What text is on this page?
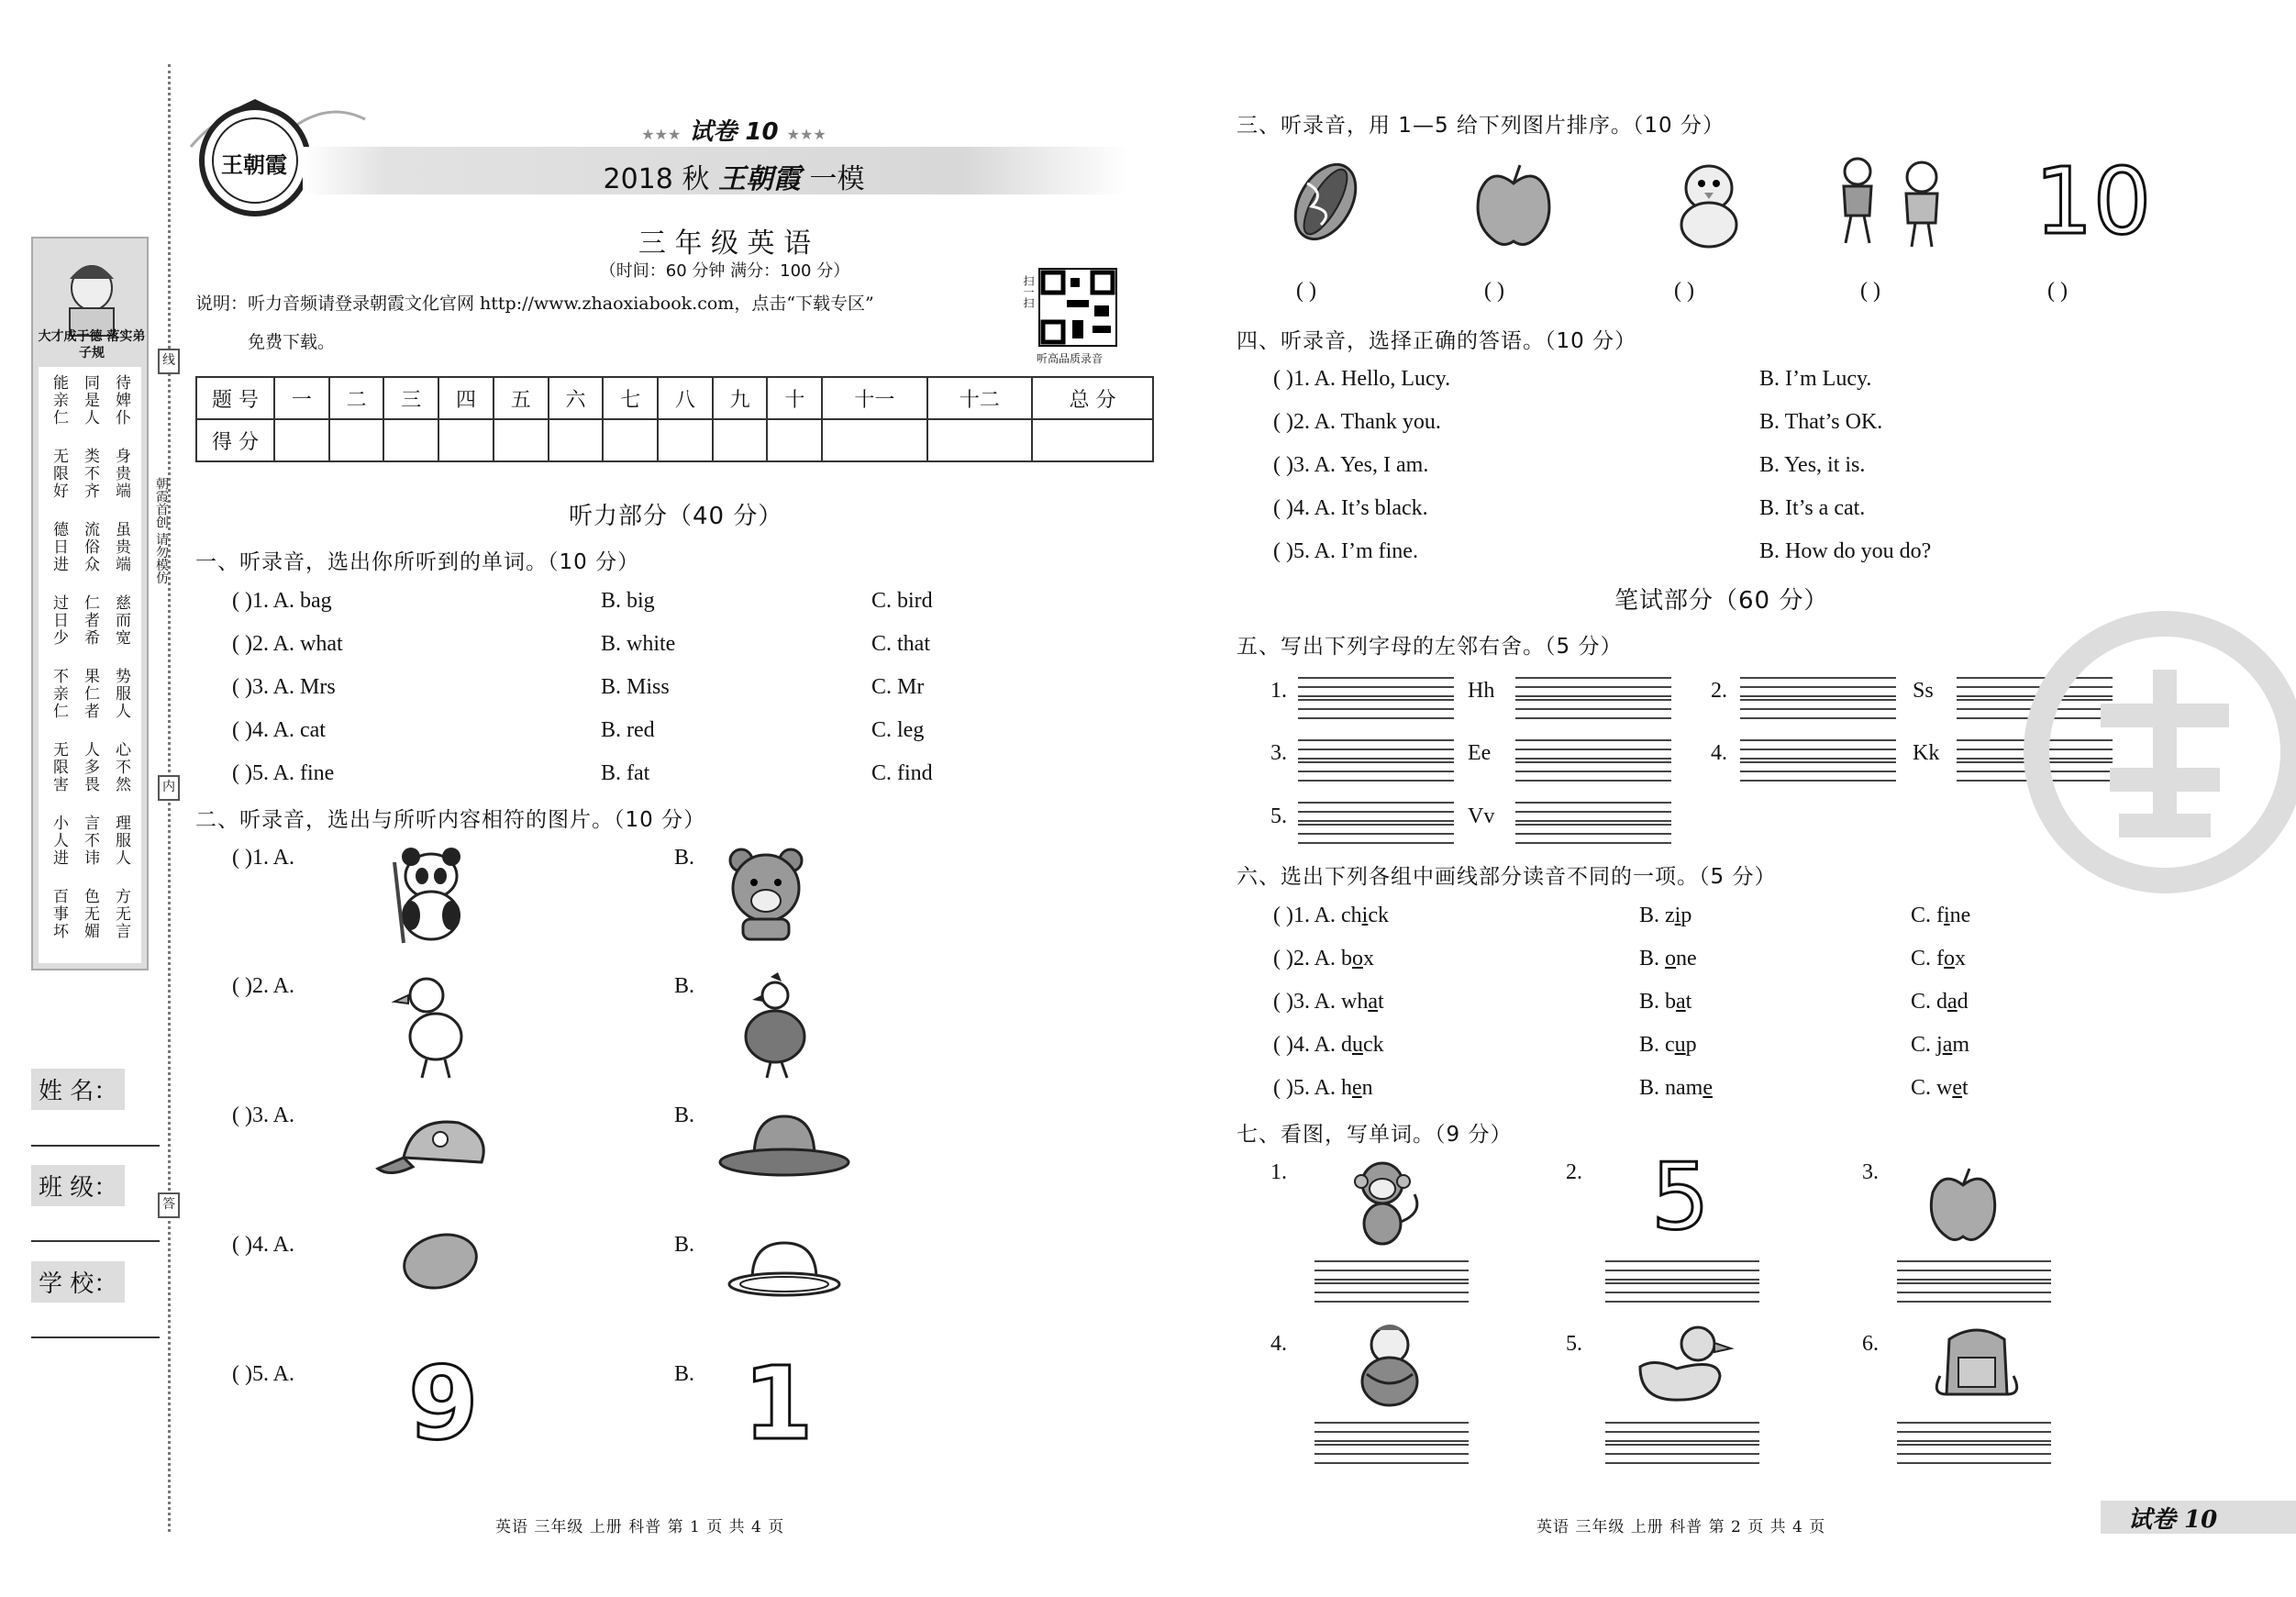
线
内
答
朝霞首创 请勿模仿
大才成于德 落实弟子规
能亲仁 同是人 待婢仆
无限好 类不齐 身贵端
德日进 流俗众 虽贵端
过日少 仁者希 慈而宽
不亲仁 果仁者 势服人
无限害 人多畏 心不然
小人进 言不讳 理服人
百事坏 色无媚 方无言
姓 名：
班 级：
学 校：
王朝霞
★★★ 试卷 10 ★★★
2018 秋 王朝霞 一模
三 年 级 英 语
（时间：60 分钟 满分：100 分）
说明：听力音频请登录朝霞文化官网 http://www.zhaoxiabook.com，点击“下载专区”
免费下载。
扫一扫
听高品质录音
题 号	一	二	三	四	五	六	七	八	九	十	十一	十二	总 分
得 分													
听力部分（40 分）
一、听录音，选出你所听到的单词。（10 分）
( )1. A. bag	B. big	C. bird
( )2. A. what	B. white	C. that
( )3. A. Mrs	B. Miss	C. Mr
( )4. A. cat	B. red	C. leg
( )5. A. fine	B. fat	C. find
二、听录音，选出与所听内容相符的图片。（10 分）
( )1. A.	B.
( )2. A.	B.
( )3. A.	B.
( )4. A.	B.
( )5. A.	B.
9	1
英语 三年级 上册 科普 第 1 页 共 4 页
三、听录音，用 1—5 给下列图片排序。（10 分）
10
( )	( )	( )	( )	( )
四、听录音，选择正确的答语。（10 分）
( )1. A. Hello, Lucy.	B. I’m Lucy.
( )2. A. Thank you.	B. That’s OK.
( )3. A. Yes, I am.	B. Yes, it is.
( )4. A. It’s black.	B. It’s a cat.
( )5. A. I’m fine.	B. How do you do?
笔试部分（60 分）
五、写出下列字母的左邻右舍。（5 分）
1.	Hh	2.	Ss
3.	Ee	4.	Kk
5.	Vv
六、选出下列各组中画线部分读音不同的一项。（5 分）
( )1. A. chick	B. zip	C. fine
( )2. A. box	B. one	C. fox
( )3. A. what	B. bat	C. dad
( )4. A. duck	B. cup	C. jam
( )5. A. hen	B. name	C. wet
七、看图，写单词。（9 分）
1.	2.	3.
4.	5.	6.
5
英语 三年级 上册 科普 第 2 页 共 4 页	试卷 10
